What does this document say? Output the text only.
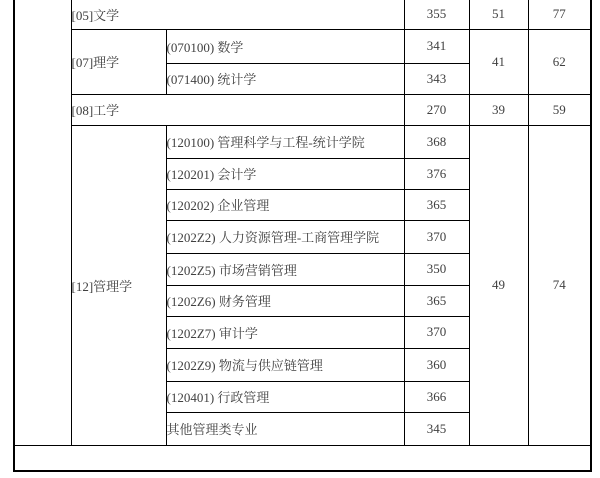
	[05]文学		355	51	77
	[07]理学	(070100) 数学	341	41	62
		(071400) 统计学	343		
	[08]工学		270	39	59
	[12]管理学	(120100) 管理科学与工程-统计学院	368	49	74
		(120201) 会计学	376		
		(120202) 企业管理	365		
		(1202Z2) 人力资源管理-工商管理学院	370		
		(1202Z5) 市场营销管理	350		
		(1202Z6) 财务管理	365		
		(1202Z7) 审计学	370		
		(1202Z9) 物流与供应链管理	360		
		(120401) 行政管理	366		
		其他管理类专业	345		
